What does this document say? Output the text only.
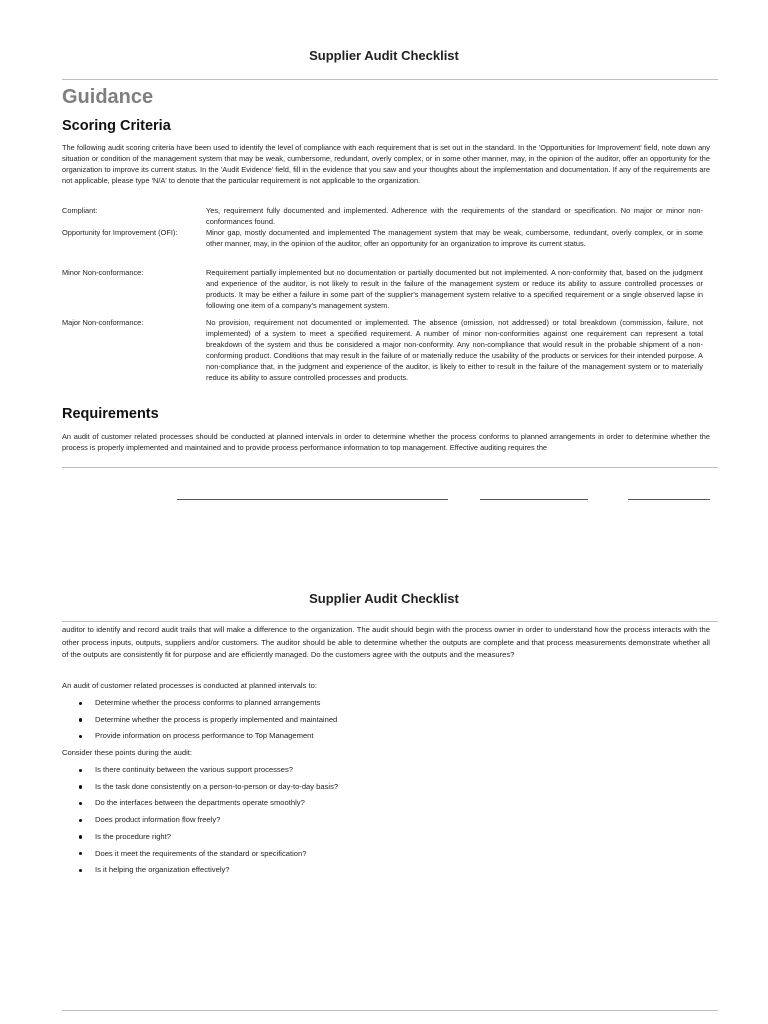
Supplier Audit Checklist
Guidance
Scoring Criteria
The following audit scoring criteria have been used to identify the level of compliance with each requirement that is set out in the standard. In the 'Opportunities for Improvement' field, note down any situation or condition of the management system that may be weak, cumbersome, redundant, overly complex, or in some other manner, may, in the opinion of the auditor, offer an opportunity for the organization to improve its current status. In the 'Audit Evidence' field, fill in the evidence that you saw and your thoughts about the implementation and documentation. If any of the requirements are not applicable, please type 'N/A' to denote that the particular requirement is not applicable to the organization.
Compliant:	Yes, requirement fully documented and implemented. Adherence with the requirements of the standard or specification. No major or minor non-conformances found.
Opportunity for Improvement (OFI):	Minor gap, mostly documented and implemented The management system that may be weak, cumbersome, redundant, overly complex, or in some other manner, may, in the opinion of the auditor, offer an opportunity for an organization to improve its current status.
Minor Non-conformance:	Requirement partially implemented but no documentation or partially documented but not implemented. A non-conformity that, based on the judgment and experience of the auditor, is not likely to result in the failure of the management system or reduce its ability to assure controlled processes or products. It may be either a failure in some part of the supplier's management system relative to a specified requirement or a single observed lapse in following one item of a company's management system.
Major Non-conformance:	No provision, requirement not documented or implemented. The absence (omission, not addressed) or total breakdown (commission, failure, not implemented) of a system to meet a specified requirement. A number of minor non-conformities against one requirement can represent a total breakdown of the system and thus be considered a major non-conformity. Any non-compliance that would result in the probable shipment of a non-conforming product. Conditions that may result in the failure of or materially reduce the usability of the products or services for their intended purpose. A non-compliance that, in the judgment and experience of the auditor, is likely to either to result in the failure of the management system or to materially reduce its ability to assure controlled processes and products.
Requirements
An audit of customer related processes should be conducted at planned intervals in order to determine whether the process conforms to planned arrangements in order to determine whether the process is properly implemented and maintained and to provide process performance information to top management. Effective auditing requires the
Supplier Audit Checklist
auditor to identify and record audit trails that will make a difference to the organization. The audit should begin with the process owner in order to understand how the process interacts with the other process inputs, outputs, suppliers and/or customers. The auditor should be able to determine whether the outputs are complete and that process measurements demonstrate whether all of the outputs are consistently fit for purpose and are efficiently managed. Do the customers agree with the outputs and the measures?
An audit of customer related processes is conducted at planned intervals to:
Determine whether the process conforms to planned arrangements
Determine whether the process is properly implemented and maintained
Provide information on process performance to Top Management
Consider these points during the audit:
Is there continuity between the various support processes?
Is the task done consistently on a person-to-person or day-to-day basis?
Do the interfaces between the departments operate smoothly?
Does product information flow freely?
Is the procedure right?
Does it meet the requirements of the standard or specification?
Is it helping the organization effectively?
